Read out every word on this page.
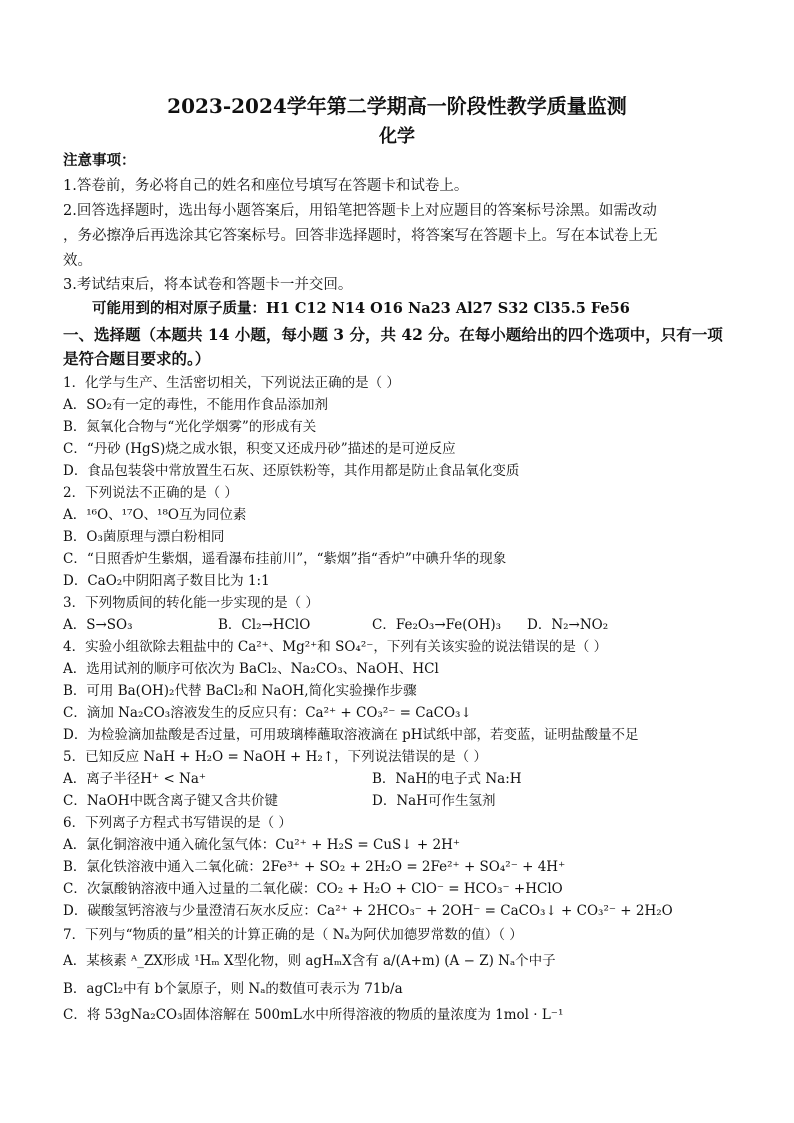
2023-2024学年第二学期高一阶段性教学质量监测
化学
注意事项：
1.答卷前，务必将自己的姓名和座位号填写在答题卡和试卷上。
2.回答选择题时，选出每小题答案后，用铅笔把答题卡上对应题目的答案标号涂黑。如需改动
，务必擦净后再选涂其它答案标号。回答非选择题时，将答案写在答题卡上。写在本试卷上无
效。
3.考试结束后，将本试卷和答题卡一并交回。
可能用到的相对原子质量：H1 C12 N14 O16 Na23 Al27 S32 Cl35.5 Fe56
一、选择题（本题共 14 小题，每小题 3 分，共 42 分。在每小题给出的四个选项中，只有一项
是符合题目要求的。）
1．化学与生产、生活密切相关，下列说法正确的是（ ）
A．SO₂有一定的毒性，不能用作食品添加剂
B．氮氧化合物与“光化学烟雾”的形成有关
C．“丹砂 (HgS)烧之成水银，积变又还成丹砂”描述的是可逆反应
D．食品包装袋中常放置生石灰、还原铁粉等，其作用都是防止食品氧化变质
2．下列说法不正确的是（ ）
A．¹⁶O、¹⁷O、¹⁸O互为同位素
B．O₃菌原理与漂白粉相同
C．“日照香炉生紫烟，遥看瀑布挂前川”，“紫烟”指“香炉”中碘升华的现象
D．CaO₂中阴阳离子数目比为 1:1
3．下列物质间的转化能一步实现的是（ ）
A．S→SO₃	B．Cl₂→HClO	C．Fe₂O₃→Fe(OH)₃ D．N₂→NO₂
4．实验小组欲除去粗盐中的 Ca²⁺、Mg²⁺和 SO₄²⁻，下列有关该实验的说法错误的是（ ）
A．选用试剂的顺序可依次为 BaCl₂、Na₂CO₃、NaOH、HCl
B．可用 Ba(OH)₂代替 BaCl₂和 NaOH,简化实验操作步骤
C．滴加 Na₂CO₃溶液发生的反应只有：Ca²⁺ + CO₃²⁻ = CaCO₃↓
D．为检验滴加盐酸是否过量，可用玻璃棒蘸取溶液滴在 pH试纸中部，若变蓝，证明盐酸量不足
5．已知反应 NaH + H₂O = NaOH + H₂↑，下列说法错误的是（ ）
A．离子半径H⁺ < Na⁺	B．NaH的电子式 Na:H
C．NaOH中既含离子键又含共价键	D．NaH可作生氢剂
6．下列离子方程式书写错误的是（ ）
A．氯化铜溶液中通入硫化氢气体：Cu²⁺ + H₂S = CuS↓ + 2H⁺
B．氯化铁溶液中通入二氧化硫：2Fe³⁺ + SO₂ + 2H₂O = 2Fe²⁺ + SO₄²⁻ + 4H⁺
C．次氯酸钠溶液中通入过量的二氧化碳：CO₂ + H₂O + ClO⁻ = HCO₃⁻ +HClO
D．碳酸氢钙溶液与少量澄清石灰水反应：Ca²⁺ + 2HCO₃⁻ + 2OH⁻ = CaCO₃↓ + CO₃²⁻ + 2H₂O
7．下列与“物质的量”相关的计算正确的是（ Nₐ为阿伏加德罗常数的值）（ ）
A．某核素 ᴬ_ZX形成 ¹Hₘ X型化物，则 agHₘX含有 a/(A+m) (A − Z) Nₐ个中子
B．agCl₂中有 b个氯原子，则 Nₐ的数值可表示为 71b/a
C．将 53gNa₂CO₃固体溶解在 500mL水中所得溶液的物质的量浓度为 1mol · L⁻¹
